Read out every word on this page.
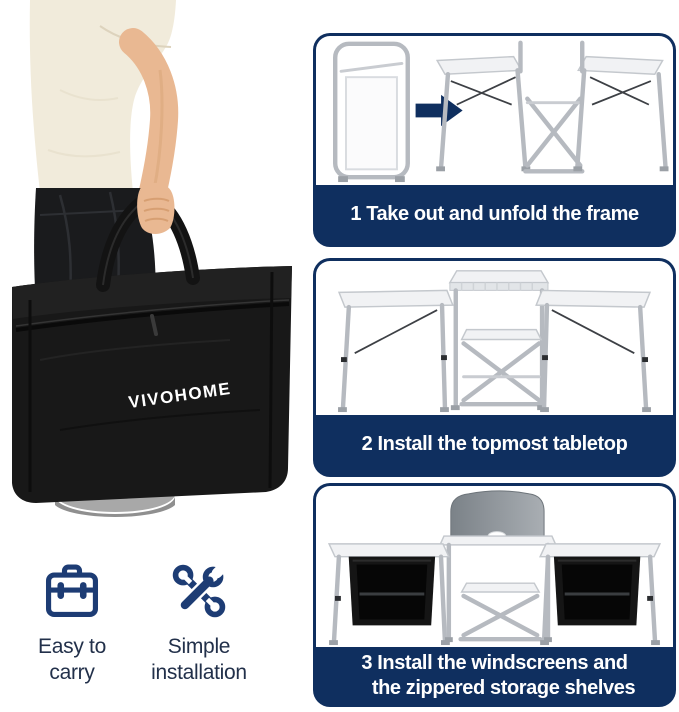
VIVOHOME
Easy to
carry
Simple
installation
1 Take out and unfold the frame
2 Install the topmost tabletop
3 Install the windscreens and
the zippered storage shelves
